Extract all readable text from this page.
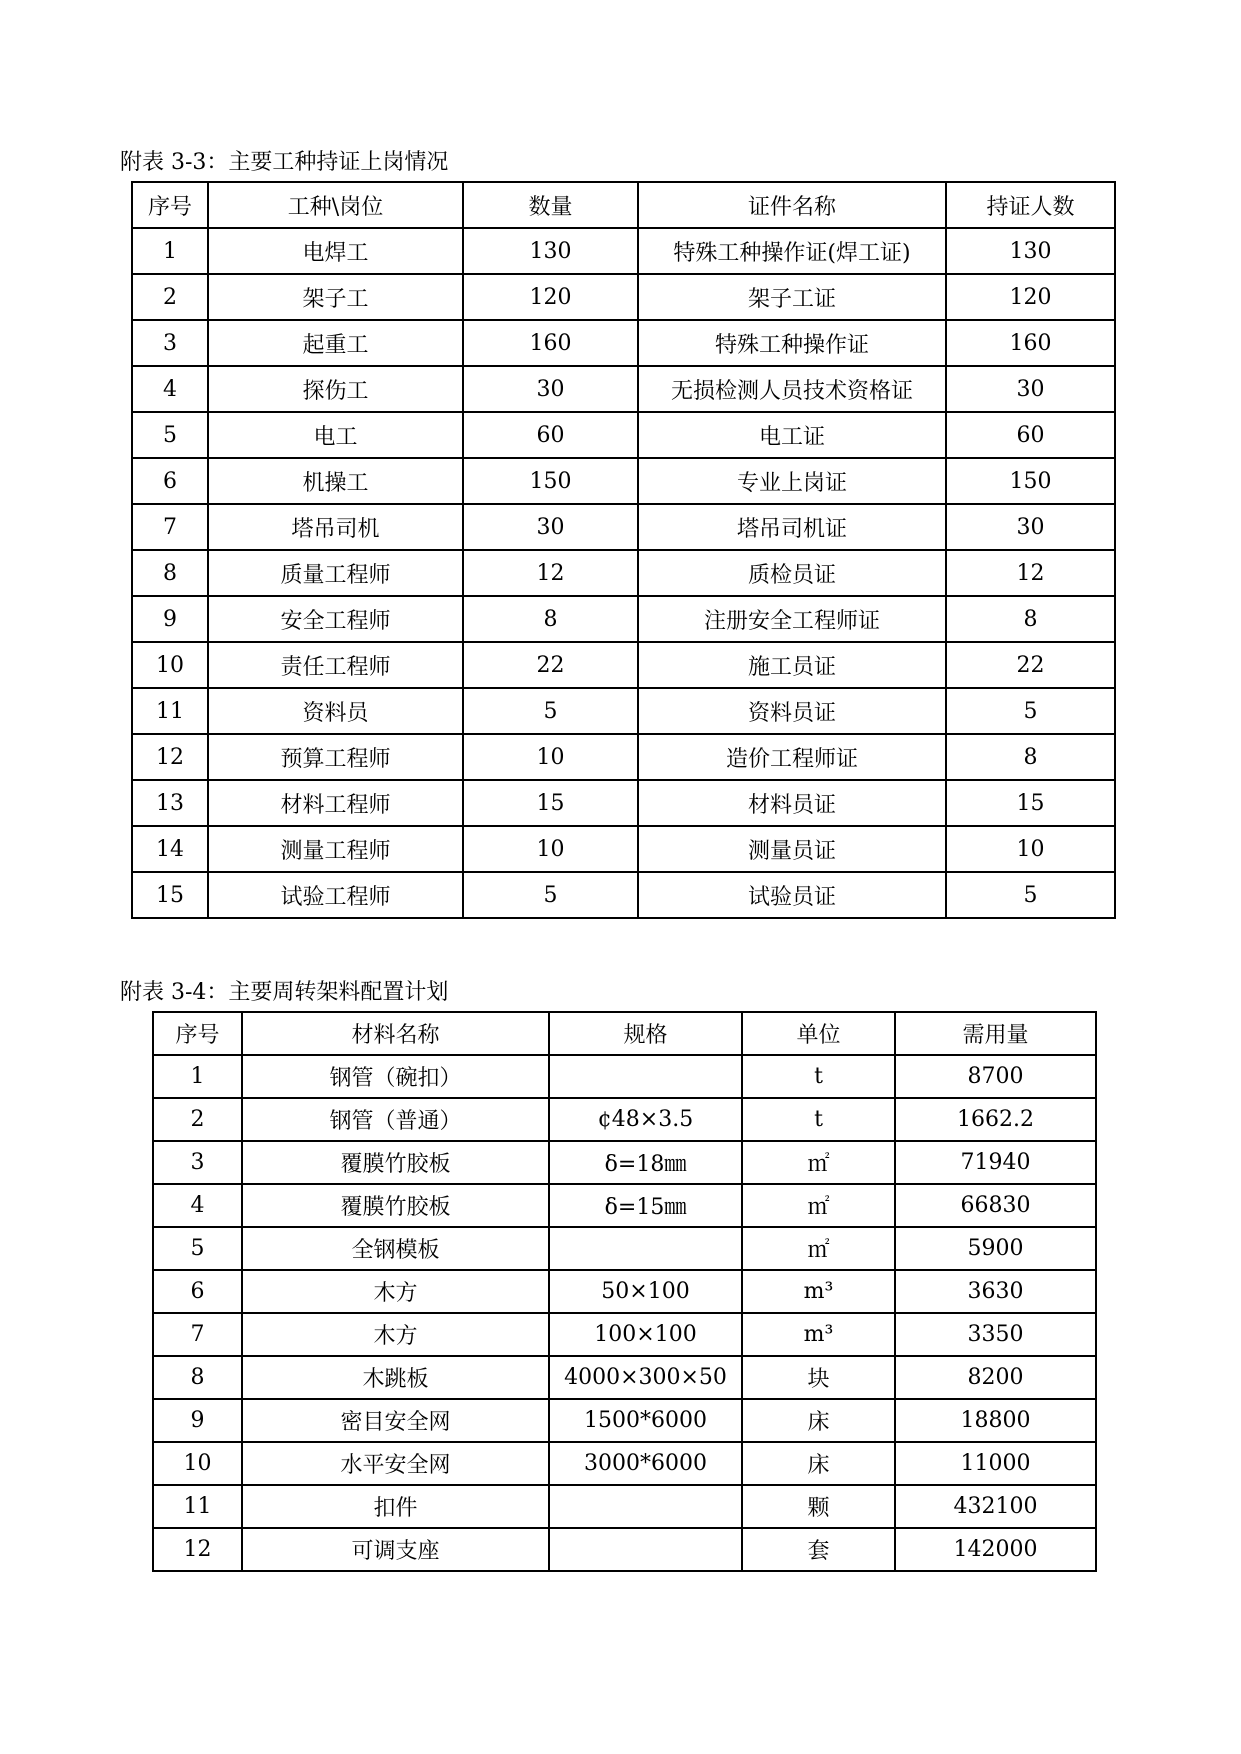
附表 3-3：主要工种持证上岗情况
序号	工种\岗位	数量	证件名称	持证人数
1	电焊工	130	特殊工种操作证(焊工证)	130
2	架子工	120	架子工证	120
3	起重工	160	特殊工种操作证	160
4	探伤工	30	无损检测人员技术资格证	30
5	电工	60	电工证	60
6	机操工	150	专业上岗证	150
7	塔吊司机	30	塔吊司机证	30
8	质量工程师	12	质检员证	12
9	安全工程师	8	注册安全工程师证	8
10	责任工程师	22	施工员证	22
11	资料员	5	资料员证	5
12	预算工程师	10	造价工程师证	8
13	材料工程师	15	材料员证	15
14	测量工程师	10	测量员证	10
15	试验工程师	5	试验员证	5
附表 3-4：主要周转架料配置计划
序号	材料名称	规格	单位	需用量
1	钢管（碗扣）		t	8700
2	钢管（普通）	¢48×3.5	t	1662.2
3	覆膜竹胶板	δ=18㎜	㎡	71940
4	覆膜竹胶板	δ=15㎜	㎡	66830
5	全钢模板		㎡	5900
6	木方	50×100	m³	3630
7	木方	100×100	m³	3350
8	木跳板	4000×300×50	块	8200
9	密目安全网	1500*6000	床	18800
10	水平安全网	3000*6000	床	11000
11	扣件		颗	432100
12	可调支座		套	142000
